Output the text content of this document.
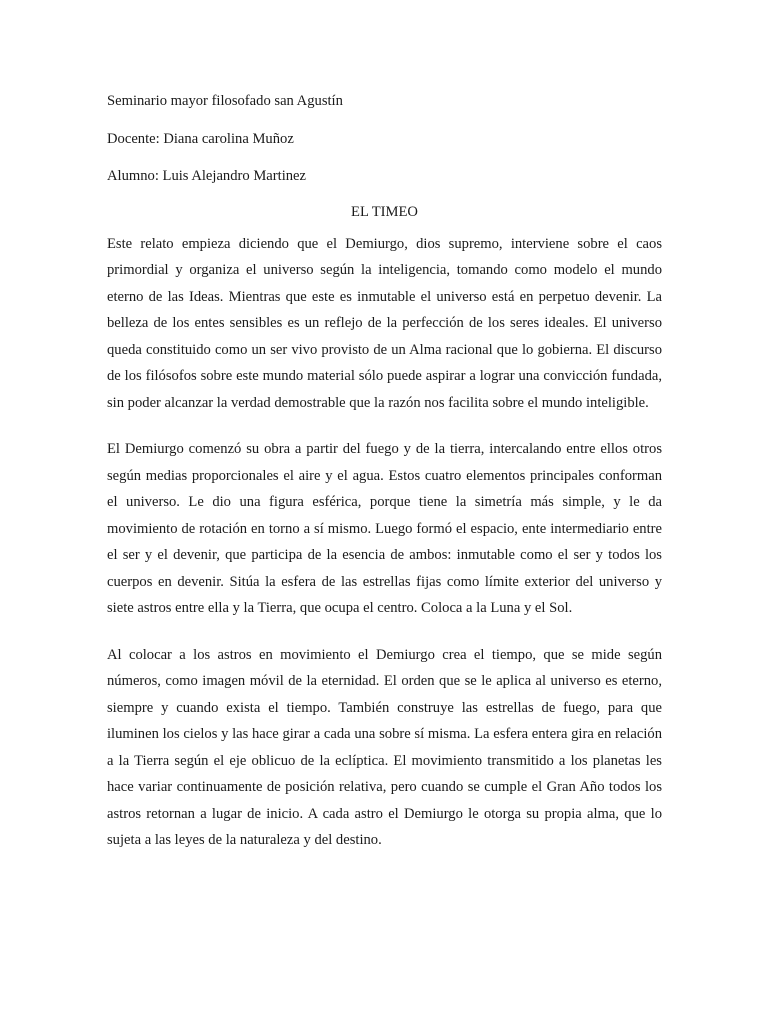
Seminario mayor filosofado san Agustín

Docente: Diana carolina Muñoz

Alumno: Luis Alejandro Martinez

EL TIMEO

Este relato empieza diciendo que el Demiurgo, dios supremo, interviene sobre el caos primordial y organiza el universo según la inteligencia, tomando como modelo el mundo eterno de las Ideas. Mientras que este es inmutable el universo está en perpetuo devenir. La belleza de los entes sensibles es un reflejo de la perfección de los seres ideales. El universo queda constituido como un ser vivo provisto de un Alma racional que lo gobierna. El discurso de los filósofos sobre este mundo material sólo puede aspirar a lograr una convicción fundada, sin poder alcanzar la verdad demostrable que la razón nos facilita sobre el mundo inteligible.

El Demiurgo comenzó su obra a partir del fuego y de la tierra, intercalando entre ellos otros según medias proporcionales el aire y el agua. Estos cuatro elementos principales conforman el universo. Le dio una figura esférica, porque tiene la simetría más simple, y le da movimiento de rotación en torno a sí mismo. Luego formó el espacio, ente intermediario entre el ser y el devenir, que participa de la esencia de ambos: inmutable como el ser y todos los cuerpos en devenir. Sitúa la esfera de las estrellas fijas como límite exterior del universo y siete astros entre ella y la Tierra, que ocupa el centro. Coloca a la Luna y el Sol.

Al colocar a los astros en movimiento el Demiurgo crea el tiempo, que se mide según números, como imagen móvil de la eternidad. El orden que se le aplica al universo es eterno, siempre y cuando exista el tiempo. También construye las estrellas de fuego, para que iluminen los cielos y las hace girar a cada una sobre sí misma. La esfera entera gira en relación a la Tierra según el eje oblicuo de la eclíptica. El movimiento transmitido a los planetas les hace variar continuamente de posición relativa, pero cuando se cumple el Gran Año todos los astros retornan a lugar de inicio. A cada astro el Demiurgo le otorga su propia alma, que lo sujeta a las leyes de la naturaleza y del destino.
